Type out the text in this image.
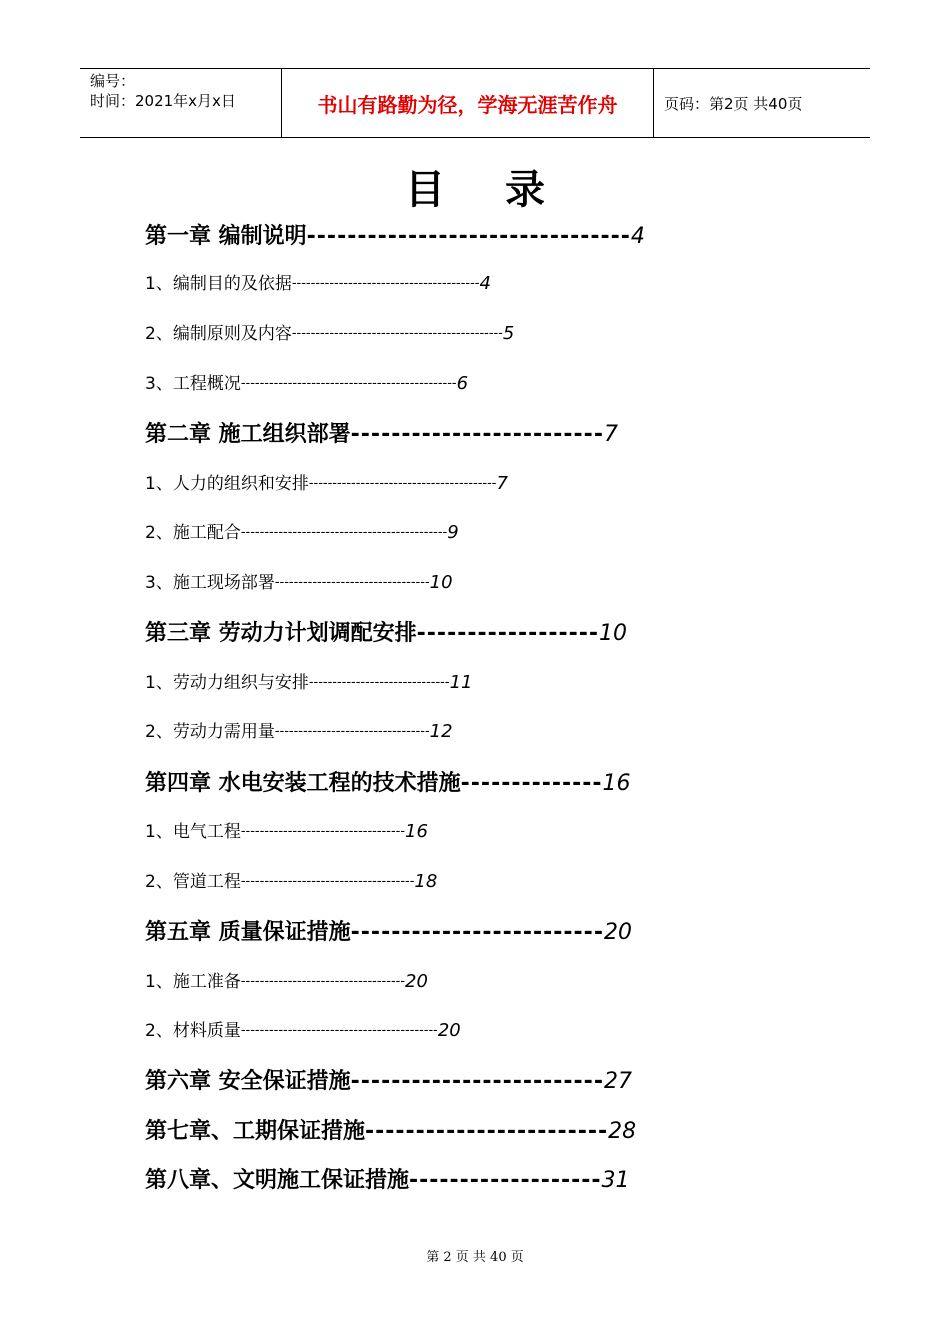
编号：
时间：2021年x月x日	书山有路勤为径，学海无涯苦作舟	页码：第2页 共40页
目录
第一章 编制说明--------------------------------4
1、编制目的及依据----------------------------------------4
2、编制原则及内容---------------------------------------------5
3、工程概况----------------------------------------------6
第二章 施工组织部署-------------------------7
1、人力的组织和安排----------------------------------------7
2、施工配合--------------------------------------------9
3、施工现场部署---------------------------------10
第三章 劳动力计划调配安排------------------10
1、劳动力组织与安排------------------------------11
2、劳动力需用量---------------------------------12
第四章 水电安装工程的技术措施--------------16
1、电气工程-----------------------------------16
2、管道工程-------------------------------------18
第五章 质量保证措施-------------------------20
1、施工准备-----------------------------------20
2、材料质量------------------------------------------20
第六章 安全保证措施-------------------------27
第七章、工期保证措施------------------------28
第八章、文明施工保证措施-------------------31
第 2 页 共 40 页
